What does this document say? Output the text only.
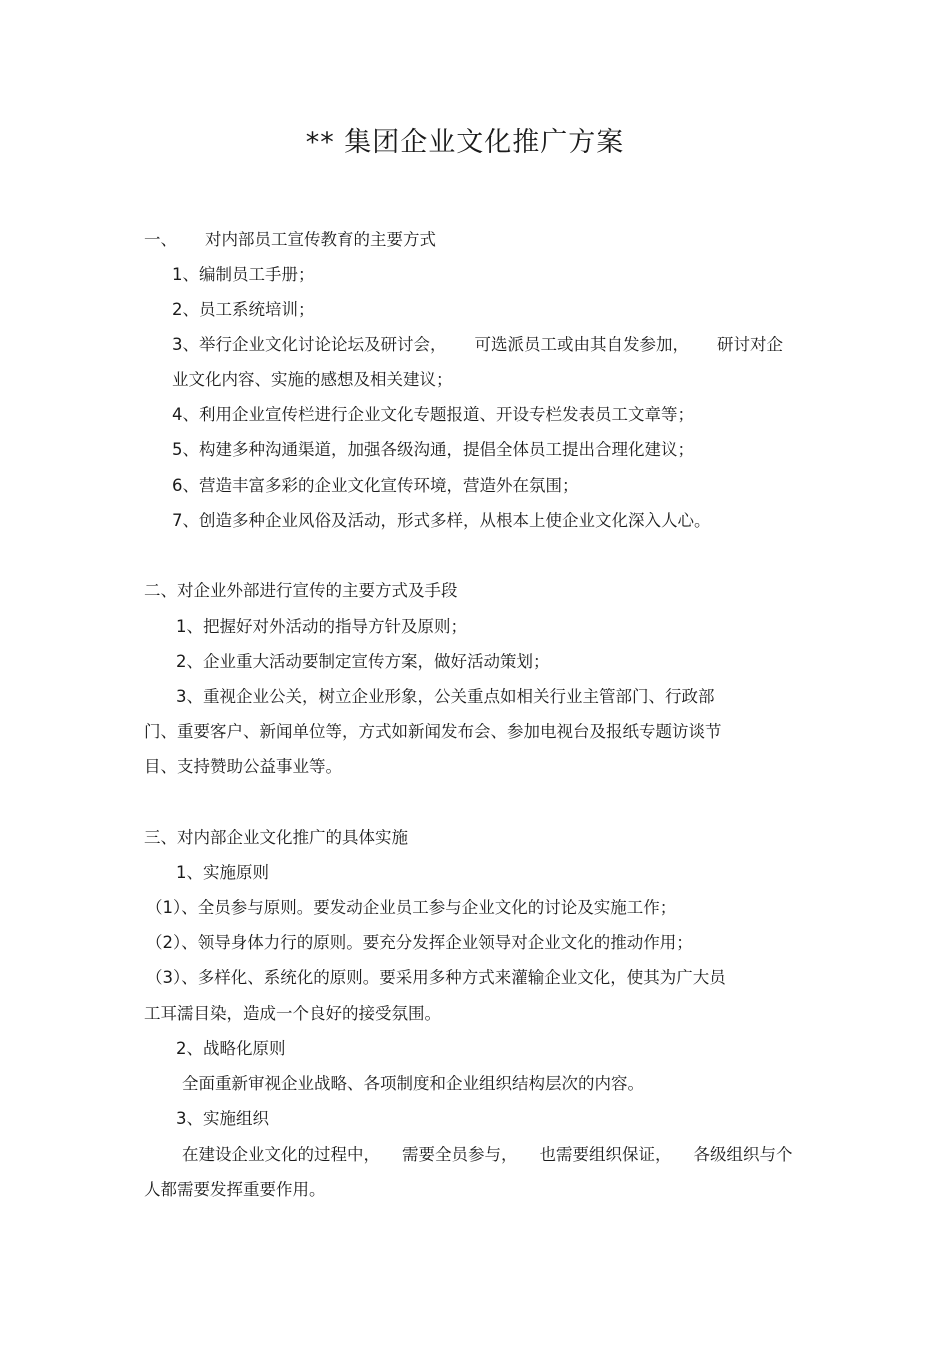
** 集团企业文化推广方案
一、 对内部员工宣传教育的主要方式
1、编制员工手册；
2、员工系统培训；
3、举行企业文化讨论论坛及研讨会， 可选派员工或由其自发参加， 研讨对企
业文化内容、实施的感想及相关建议；
4、利用企业宣传栏进行企业文化专题报道、开设专栏发表员工文章等；
5、构建多种沟通渠道，加强各级沟通，提倡全体员工提出合理化建议；
6、营造丰富多彩的企业文化宣传环境，营造外在氛围；
7、创造多种企业风俗及活动，形式多样，从根本上使企业文化深入人心。
二、对企业外部进行宣传的主要方式及手段
1、把握好对外活动的指导方针及原则；
2、企业重大活动要制定宣传方案，做好活动策划；
3、重视企业公关，树立企业形象，公关重点如相关行业主管部门、行政部
门、重要客户、新闻单位等，方式如新闻发布会、参加电视台及报纸专题访谈节
目、支持赞助公益事业等。
三、对内部企业文化推广的具体实施
1、实施原则
（1）、全员参与原则。要发动企业员工参与企业文化的讨论及实施工作；
（2）、领导身体力行的原则。要充分发挥企业领导对企业文化的推动作用；
（3）、多样化、系统化的原则。要采用多种方式来灌输企业文化，使其为广大员
工耳濡目染，造成一个良好的接受氛围。
2、战略化原则
全面重新审视企业战略、各项制度和企业组织结构层次的内容。
3、实施组织
在建设企业文化的过程中， 需要全员参与， 也需要组织保证， 各级组织与个
人都需要发挥重要作用。
